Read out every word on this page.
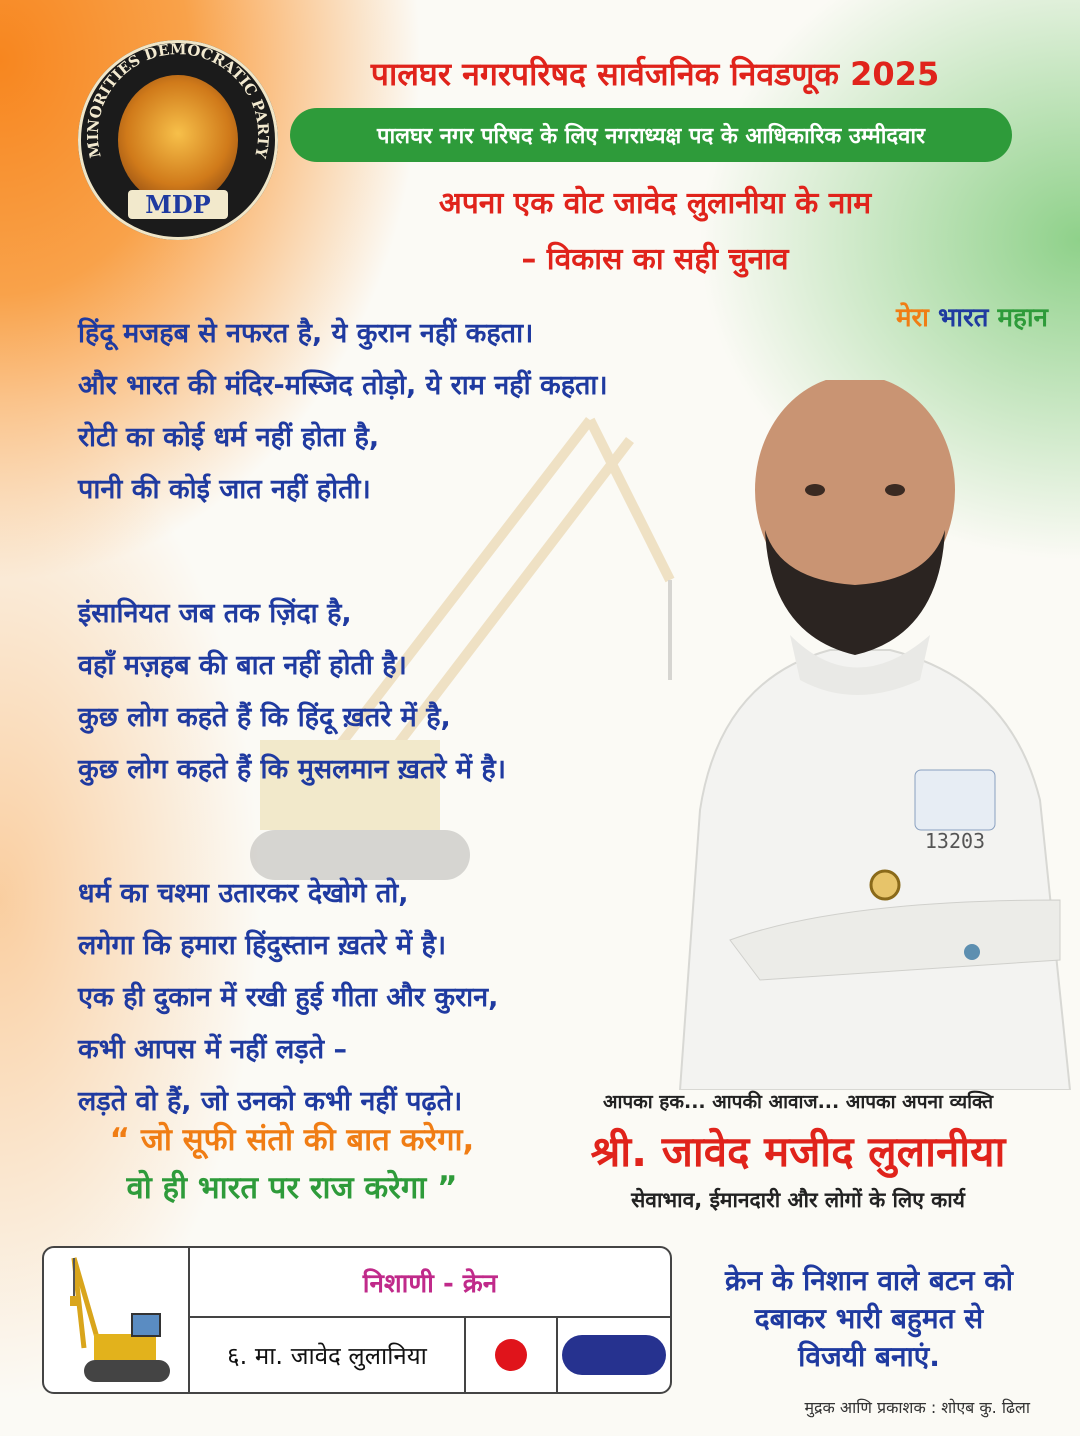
MINORITIES DEMOCRATIC PARTY
MDP
पालघर नगरपरिषद सार्वजनिक निवडणूक 2025
पालघर नगर परिषद के लिए नगराध्यक्ष पद के आधिकारिक उम्मीदवार
अपना एक वोट जावेद लुलानीया के नाम
– विकास का सही चुनाव
मेरा भारत महान
हिंदू मजहब से नफरत है, ये कुरान नहीं कहता।
और भारत की मंदिर-मस्जिद तोड़ो, ये राम नहीं कहता।
रोटी का कोई धर्म नहीं होता है,
पानी की कोई जात नहीं होती।
इंसानियत जब तक ज़िंदा है,
वहाँ मज़हब की बात नहीं होती है।
कुछ लोग कहते हैं कि हिंदू ख़तरे में है,
कुछ लोग कहते हैं कि मुसलमान ख़तरे में है।
धर्म का चश्मा उतारकर देखोगे तो,
लगेगा कि हमारा हिंदुस्तान ख़तरे में है।
एक ही दुकान में रखी हुई गीता और कुरान,
कभी आपस में नहीं लड़ते –
लड़ते वो हैं, जो उनको कभी नहीं पढ़ते।
13203
आपका हक... आपकी आवाज... आपका अपना व्यक्ति
श्री. जावेद मजीद लुलानीया
सेवाभाव, ईमानदारी और लोगों के लिए कार्य
“ जो सूफी संतो की बात करेगा,
वो ही भारत पर राज करेगा ”
निशाणी - क्रेन
६. मा. जावेद लुलानिया
क्रेन के निशान वाले बटन को
दबाकर भारी बहुमत से
विजयी बनाएं.
मुद्रक आणि प्रकाशक : शोएब कु. ढिला
